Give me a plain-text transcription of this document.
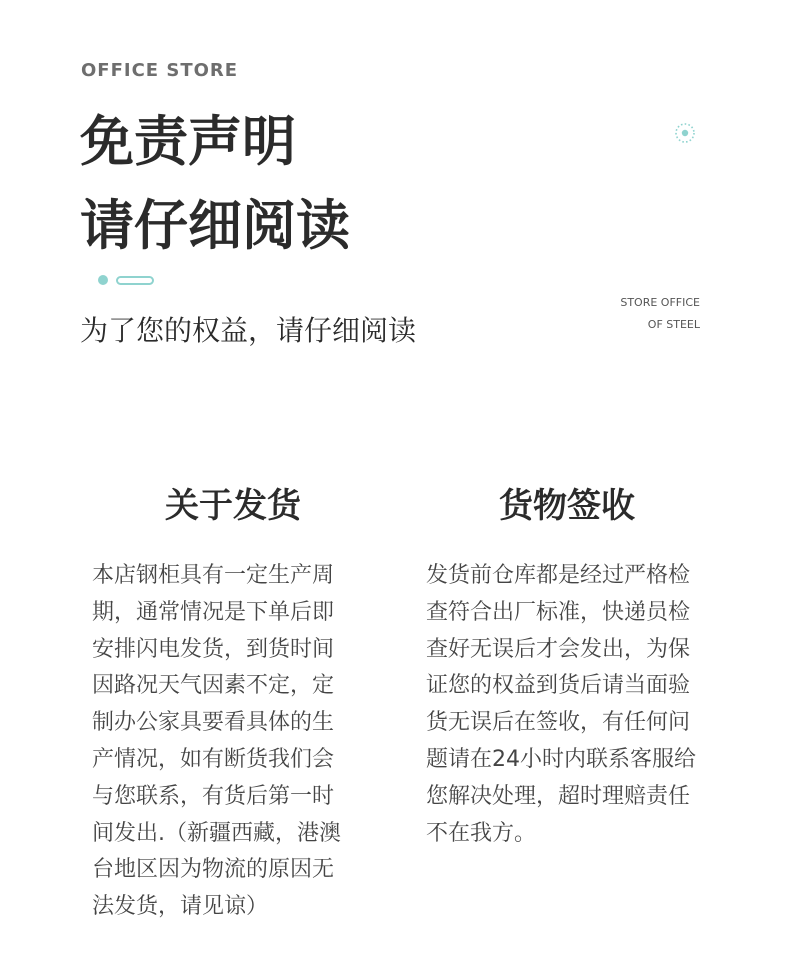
OFFICE STORE
免责声明
请仔细阅读
STORE OFFICE
OF STEEL
为了您的权益，请仔细阅读
关于发货

本店钢柜具有一定生产周
期，通常情况是下单后即
安排闪电发货，到货时间
因路况天气因素不定，定
制办公家具要看具体的生
产情况，如有断货我们会
与您联系，有货后第一时
间发出.（新疆西藏，港澳
台地区因为物流的原因无
法发货，请见谅）

货物签收

发货前仓库都是经过严格检
查符合出厂标准，快递员检
查好无误后才会发出，为保
证您的权益到货后请当面验
货无误后在签收，有任何问
题请在24小时内联系客服给
您解决处理，超时理赔责任
不在我方。
